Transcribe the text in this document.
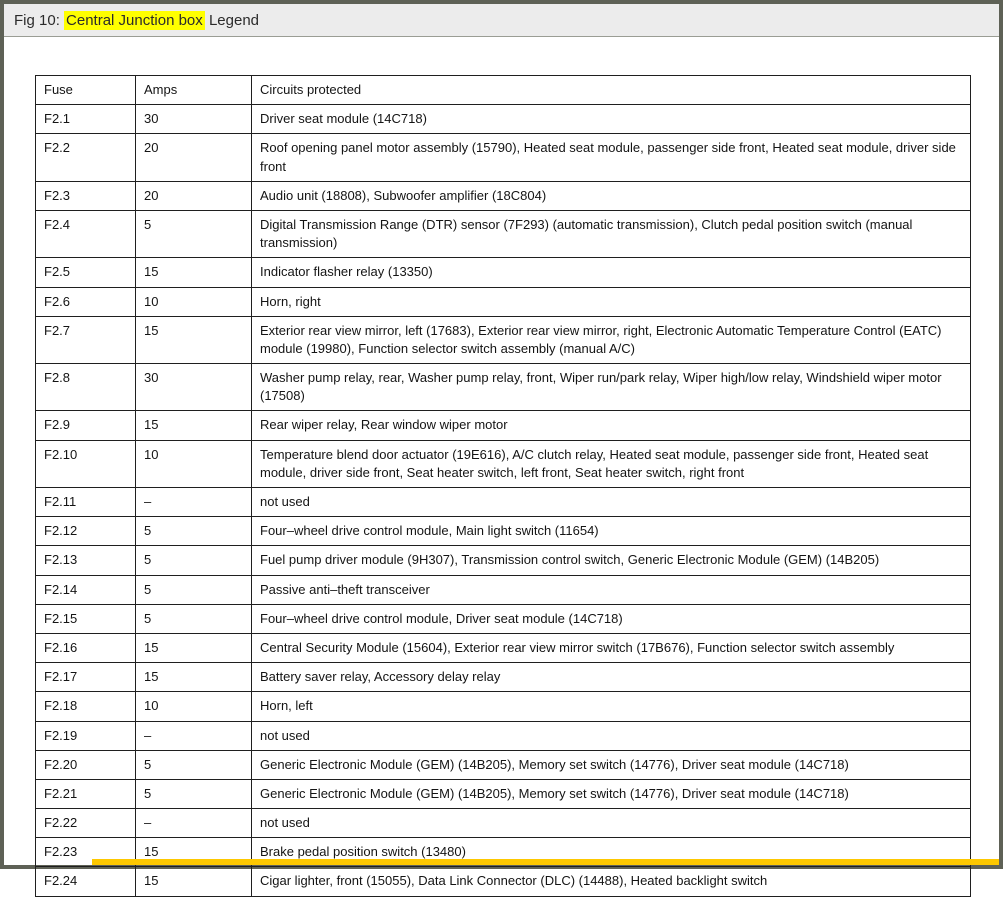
Fig 10: Central Junction box Legend
Fuse	Amps	Circuits protected
F2.1	30	Driver seat module (14C718)
F2.2	20	Roof opening panel motor assembly (15790), Heated seat module, passenger side front, Heated seat module, driver side front
F2.3	20	Audio unit (18808), Subwoofer amplifier (18C804)
F2.4	5	Digital Transmission Range (DTR) sensor (7F293) (automatic transmission), Clutch pedal position switch (manual transmission)
F2.5	15	Indicator flasher relay (13350)
F2.6	10	Horn, right
F2.7	15	Exterior rear view mirror, left (17683), Exterior rear view mirror, right, Electronic Automatic Temperature Control (EATC) module (19980), Function selector switch assembly (manual A/C)
F2.8	30	Washer pump relay, rear, Washer pump relay, front, Wiper run/park relay, Wiper high/low relay, Windshield wiper motor (17508)
F2.9	15	Rear wiper relay, Rear window wiper motor
F2.10	10	Temperature blend door actuator (19E616), A/C clutch relay, Heated seat module, passenger side front, Heated seat module, driver side front, Seat heater switch, left front, Seat heater switch, right front
F2.11	–	not used
F2.12	5	Four–wheel drive control module, Main light switch (11654)
F2.13	5	Fuel pump driver module (9H307), Transmission control switch, Generic Electronic Module (GEM) (14B205)
F2.14	5	Passive anti–theft transceiver
F2.15	5	Four–wheel drive control module, Driver seat module (14C718)
F2.16	15	Central Security Module (15604), Exterior rear view mirror switch (17B676), Function selector switch assembly
F2.17	15	Battery saver relay, Accessory delay relay
F2.18	10	Horn, left
F2.19	–	not used
F2.20	5	Generic Electronic Module (GEM) (14B205), Memory set switch (14776), Driver seat module (14C718)
F2.21	5	Generic Electronic Module (GEM) (14B205), Memory set switch (14776), Driver seat module (14C718)
F2.22	–	not used
F2.23	15	Brake pedal position switch (13480)
F2.24	15	Cigar lighter, front (15055), Data Link Connector (DLC) (14488), Heated backlight switch
